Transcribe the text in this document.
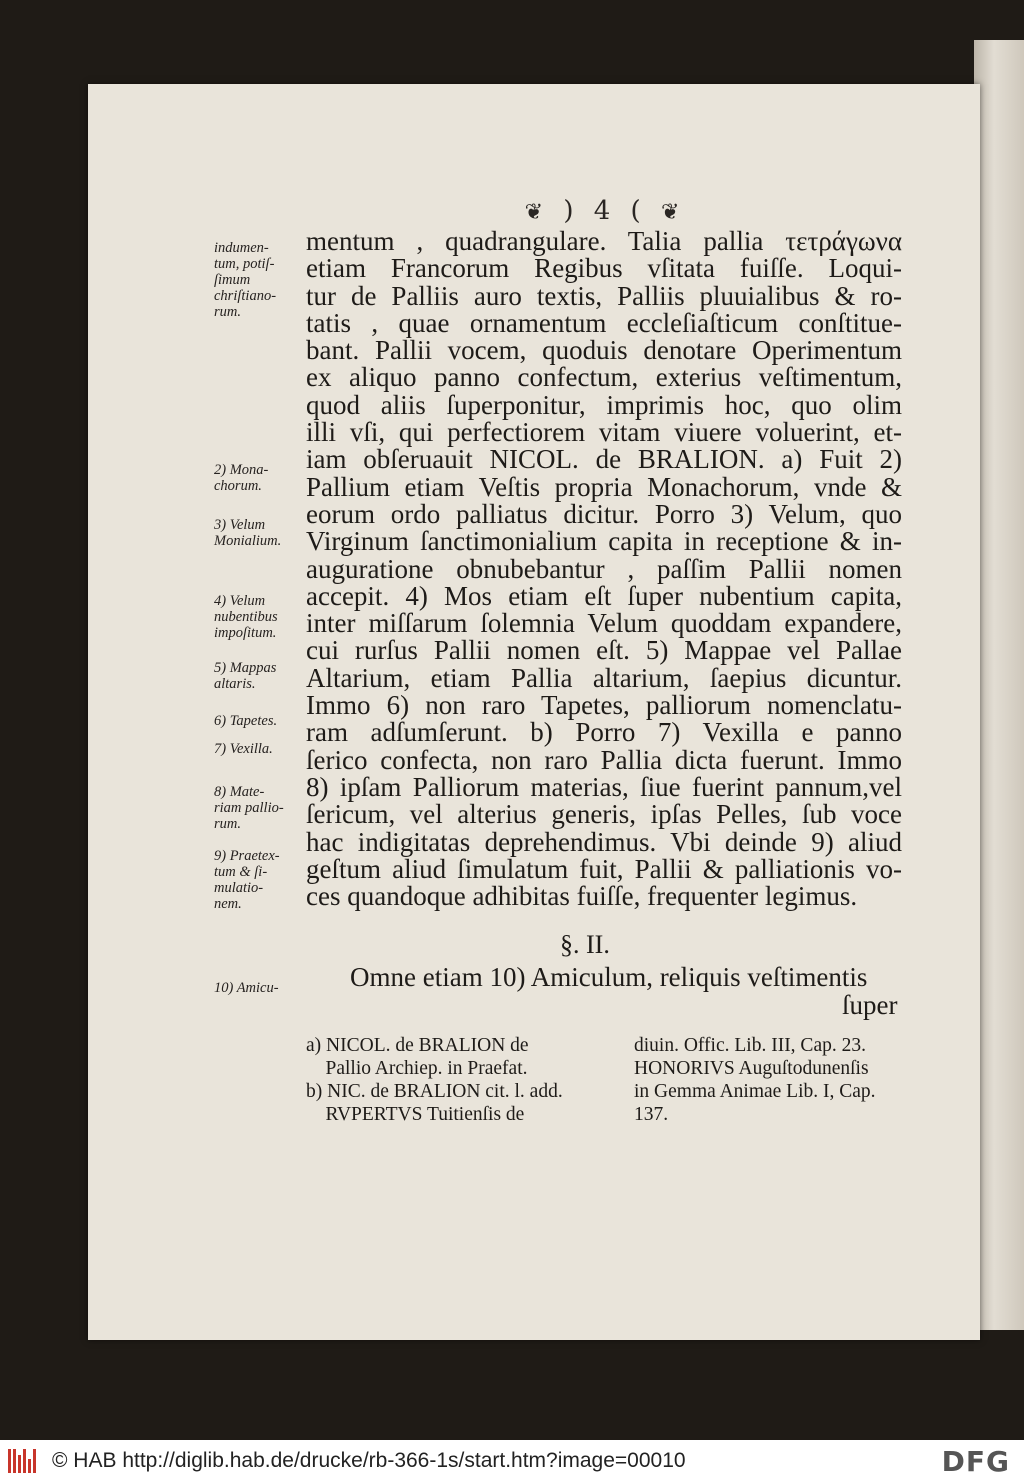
❦ ) 4 ( ❦
mentum , quadrangulare. Talia pallia τετράγωνα
etiam Francorum Regibus vſitata fuiſſe. Loqui-
tur de Palliis auro textis, Palliis pluuialibus & ro-
tatis , quae ornamentum eccleſiaſticum conſtitue-
bant. Pallii vocem, quoduis denotare Operimentum
ex aliquo panno confectum, exterius veſtimentum,
quod aliis ſuperponitur, imprimis hoc, quo olim
illi vſi, qui perfectiorem vitam viuere voluerint, et-
iam obſeruauit NICOL. de BRALION. a) Fuit 2)
Pallium etiam Veſtis propria Monachorum, vnde &
eorum ordo palliatus dicitur. Porro 3) Velum, quo
Virginum ſanctimonialium capita in receptione & in-
auguratione obnubebantur , paſſim Pallii nomen
accepit. 4) Mos etiam eſt ſuper nubentium capita,
inter miſſarum ſolemnia Velum quoddam expandere,
cui rurſus Pallii nomen eſt. 5) Mappae vel Pallae
Altarium, etiam Pallia altarium, ſaepius dicuntur.
Immo 6) non raro Tapetes, palliorum nomenclatu-
ram adſumſerunt. b) Porro 7) Vexilla e panno
ſerico confecta, non raro Pallia dicta fuerunt. Immo
8) ipſam Palliorum materias, ſiue fuerint pannum,vel
ſericum, vel alterius generis, ipſas Pelles, ſub voce
hac indigitatas deprehendimus. Vbi deinde 9) aliud
geſtum aliud ſimulatum fuit, Pallii & palliationis vo-
ces quandoque adhibitas fuiſſe, frequenter legimus.
indumen-
tum, potiſ-
ſimum
chriſtiano-
rum.
2) Mona-
chorum.
3) Velum
Monialium.
4) Velum
nubentibus
impoſitum.
5) Mappas
altaris.
6) Tapetes.
7) Vexilla.
8) Mate-
riam pallio-
rum.
9) Praetex-
tum & ſi-
mulatio-
nem.
10) Amicu-
§. II.
Omne etiam 10) Amiculum, reliquis veſtimentis
ſuper
a) NICOL. de BRALION de
Pallio Archiep. in Praefat.
b) NIC. de BRALION cit. l. add.
RVPERTVS Tuitienſis de
diuin. Offic. Lib. III, Cap. 23.
HONORIVS Auguſtodunenſis
in Gemma Animae Lib. I, Cap.
137.
© HAB http://diglib.hab.de/drucke/rb-366-1s/start.htm?image=00010	DFG
